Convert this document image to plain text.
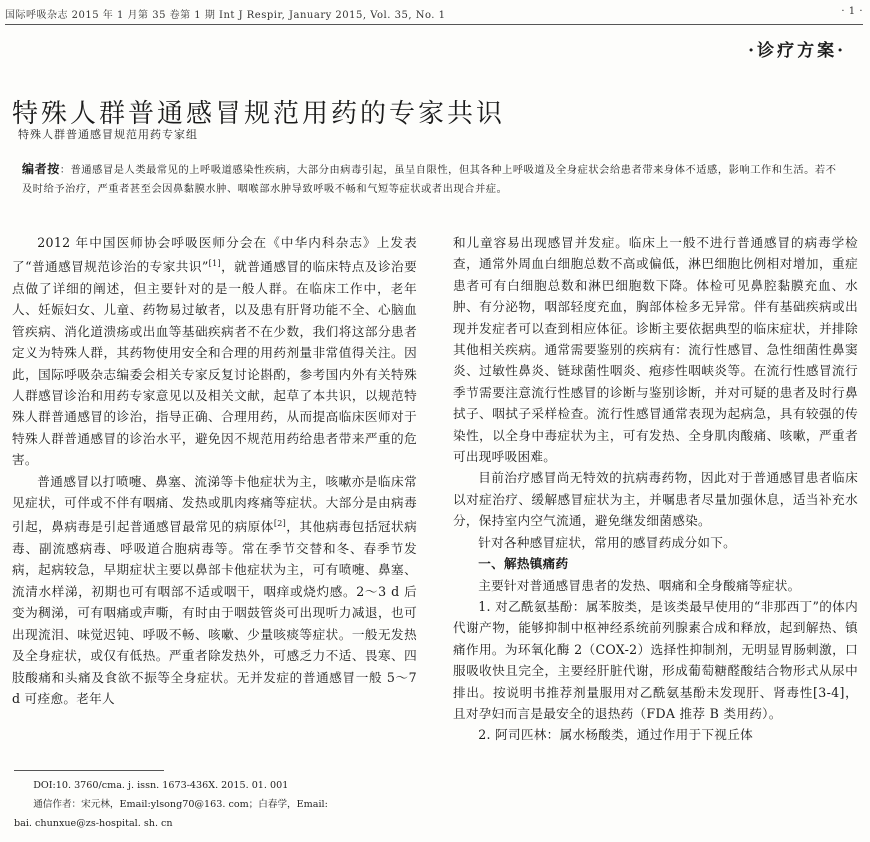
国际呼吸杂志 2015 年 1 月第 35 卷第 1 期 Int J Respir, January 2015, Vol. 35, No. 1	· 1 ·
·诊疗方案·
特殊人群普通感冒规范用药的专家共识
特殊人群普通感冒规范用药专家组
编者按：普通感冒是人类最常见的上呼吸道感染性疾病，大部分由病毒引起，虽呈自限性，但其各种上呼吸道及全身症状会给患者带来身体不适感，影响工作和生活。若不及时给予治疗，严重者甚至会因鼻黏膜水肿、咽喉部水肿导致呼吸不畅和气短等症状或者出现合并症。

2012 年中国医师协会呼吸医师分会在《中华内科杂志》上发表了“普通感冒规范诊治的专家共识”[1]，就普通感冒的临床特点及诊治要点做了详细的阐述，但主要针对的是一般人群。在临床工作中，老年人、妊娠妇女、儿童、药物易过敏者，以及患有肝肾功能不全、心脑血管疾病、消化道溃疡或出血等基础疾病者不在少数，我们将这部分患者定义为特殊人群，其药物使用安全和合理的用药剂量非常值得关注。因此，国际呼吸杂志编委会相关专家反复讨论斟酌，参考国内外有关特殊人群感冒诊治和用药专家意见以及相关文献，起草了本共识，以规范特殊人群普通感冒的诊治，指导正确、合理用药，从而提高临床医师对于特殊人群普通感冒的诊治水平，避免因不规范用药给患者带来严重的危害。

普通感冒以打喷嚏、鼻塞、流涕等卡他症状为主，咳嗽亦是临床常见症状，可伴或不伴有咽痛、发热或肌肉疼痛等症状。大部分是由病毒引起，鼻病毒是引起普通感冒最常见的病原体[2]，其他病毒包括冠状病毒、副流感病毒、呼吸道合胞病毒等。常在季节交替和冬、春季节发病，起病较急，早期症状主要以鼻部卡他症状为主，可有喷嚏、鼻塞、流清水样涕，初期也可有咽部不适或咽干，咽痒或烧灼感。2～3 d 后变为稠涕，可有咽痛或声嘶，有时由于咽鼓管炎可出现听力减退，也可出现流泪、味觉迟钝、呼吸不畅、咳嗽、少量咳痰等症状。一般无发热及全身症状，或仅有低热。严重者除发热外，可感乏力不适、畏寒、四肢酸痛和头痛及食欲不振等全身症状。无并发症的普通感冒一般 5～7 d 可痊愈。老年人

和儿童容易出现感冒并发症。临床上一般不进行普通感冒的病毒学检查，通常外周血白细胞总数不高或偏低，淋巴细胞比例相对增加，重症患者可有白细胞总数和淋巴细胞数下降。体检可见鼻腔黏膜充血、水肿、有分泌物，咽部轻度充血，胸部体检多无异常。伴有基础疾病或出现并发症者可以查到相应体征。诊断主要依据典型的临床症状，并排除其他相关疾病。通常需要鉴别的疾病有：流行性感冒、急性细菌性鼻窦炎、过敏性鼻炎、链球菌性咽炎、疱疹性咽峡炎等。在流行性感冒流行季节需要注意流行性感冒的诊断与鉴别诊断，并对可疑的患者及时行鼻拭子、咽拭子采样检查。流行性感冒通常表现为起病急，具有较强的传染性，以全身中毒症状为主，可有发热、全身肌肉酸痛、咳嗽，严重者可出现呼吸困难。

目前治疗感冒尚无特效的抗病毒药物，因此对于普通感冒患者临床以对症治疗、缓解感冒症状为主，并嘱患者尽量加强休息，适当补充水分，保持室内空气流通，避免继发细菌感染。

针对各种感冒症状，常用的感冒药成分如下。

一、解热镇痛药

主要针对普通感冒患者的发热、咽痛和全身酸痛等症状。

1. 对乙酰氨基酚：属苯胺类，是该类最早使用的“非那西丁”的体内代谢产物，能够抑制中枢神经系统前列腺素合成和释放，起到解热、镇痛作用。为环氧化酶 2（COX-2）选择性抑制剂，无明显胃肠刺激，口服吸收快且完全，主要经肝脏代谢，形成葡萄糖醛酸结合物形式从尿中排出。按说明书推荐剂量服用对乙酰氨基酚未发现肝、肾毒性[3-4]，且对孕妇而言是最安全的退热药（FDA 推荐 B 类用药）。

2. 阿司匹林：属水杨酸类，通过作用于下视丘体

DOI:10. 3760/cma. j. issn. 1673-436X. 2015. 01. 001
通信作者：宋元林，Email:ylsong70@163. com；白春学，Email:
bai. chunxue@zs-hospital. sh. cn
